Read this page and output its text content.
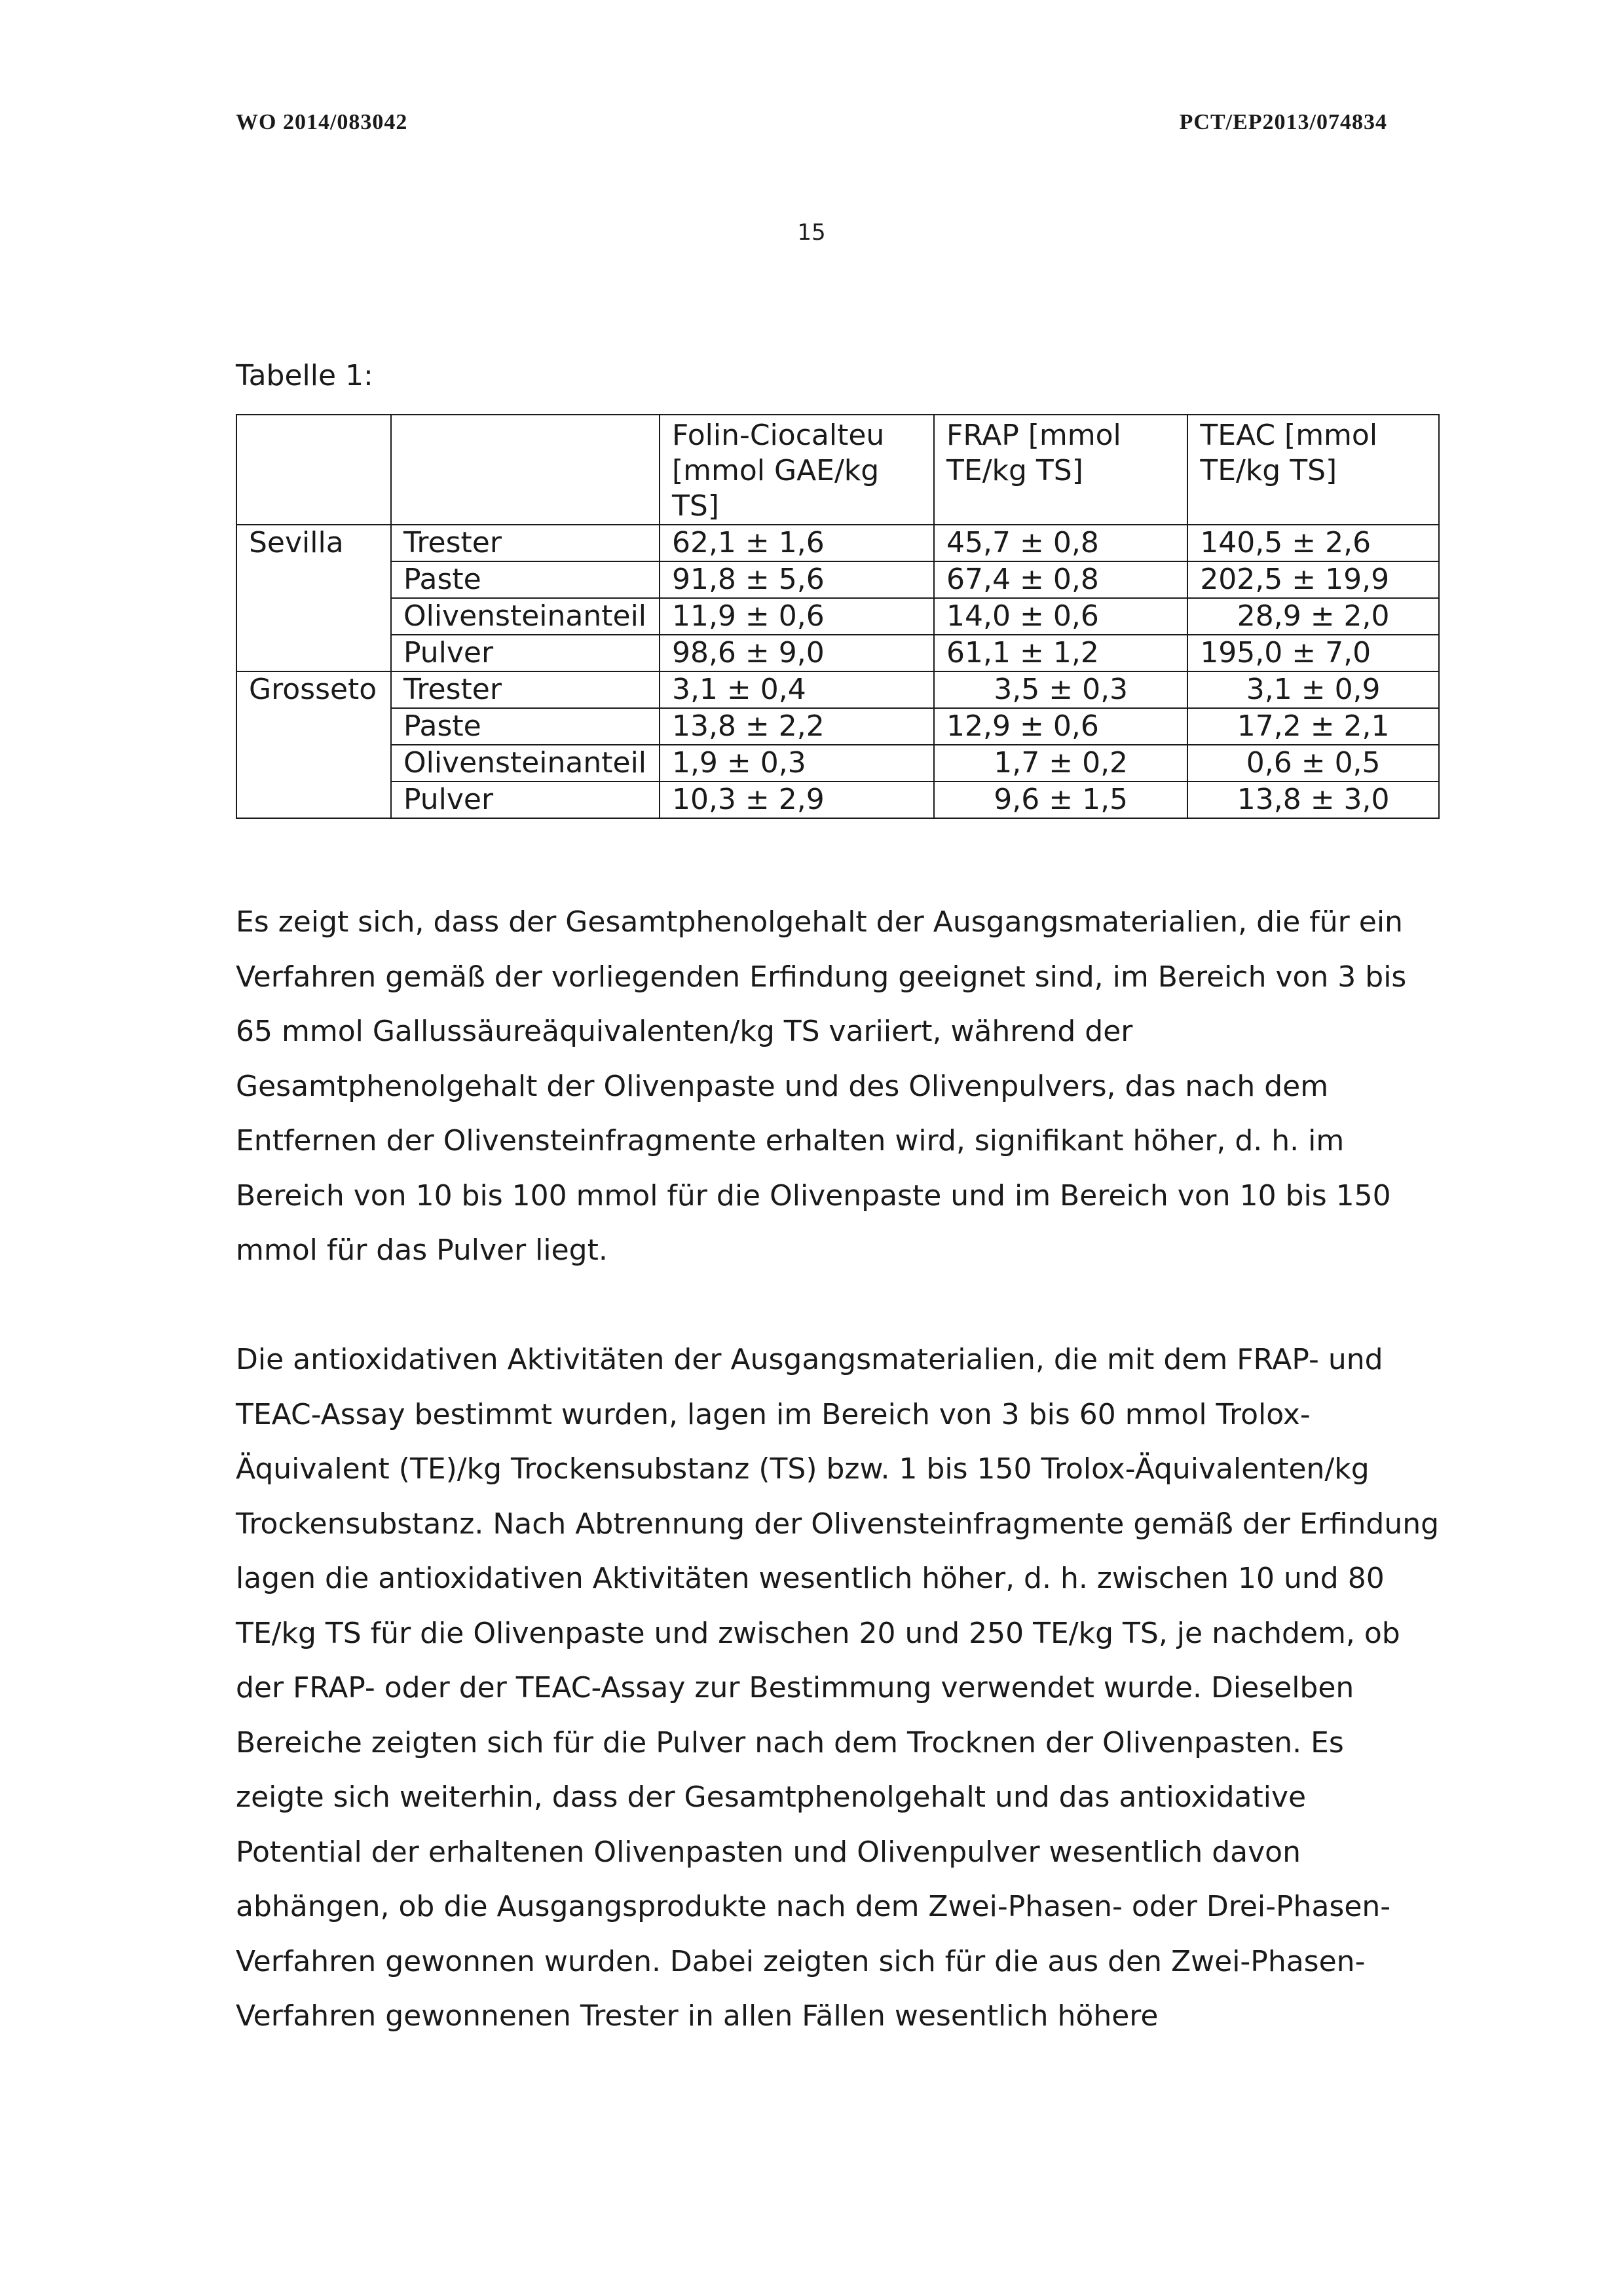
WO 2014/083042	PCT/EP2013/074834
15
Tabelle 1:
		Folin-Ciocalteu [mmol GAE/kg TS]	FRAP [mmol TE/kg TS]	TEAC [mmol TE/kg TS]
Sevilla	Trester	62,1 ± 1,6	45,7 ± 0,8	140,5 ± 2,6
	Paste	91,8 ± 5,6	67,4 ± 0,8	202,5 ± 19,9
	Olivensteinanteil	11,9 ± 0,6	14,0 ± 0,6	28,9 ± 2,0
	Pulver	98,6 ± 9,0	61,1 ± 1,2	195,0 ± 7,0
Grosseto	Trester	3,1 ± 0,4	3,5 ± 0,3	3,1 ± 0,9
	Paste	13,8 ± 2,2	12,9 ± 0,6	17,2 ± 2,1
	Olivensteinanteil	1,9 ± 0,3	1,7 ± 0,2	0,6 ± 0,5
	Pulver	10,3 ± 2,9	9,6 ± 1,5	13,8 ± 3,0

Es zeigt sich, dass der Gesamtphenolgehalt der Ausgangsmaterialien, die für ein Verfahren gemäß der vorliegenden Erfindung geeignet sind, im Bereich von 3 bis 65 mmol Gallussäureäquivalenten/kg TS variiert, während der Gesamtphenolgehalt der Olivenpaste und des Olivenpulvers, das nach dem Entfernen der Olivensteinfragmente erhalten wird, signifikant höher, d. h. im Bereich von 10 bis 100 mmol für die Olivenpaste und im Bereich von 10 bis 150 mmol für das Pulver liegt.

Die antioxidativen Aktivitäten der Ausgangsmaterialien, die mit dem FRAP- und TEAC-Assay bestimmt wurden, lagen im Bereich von 3 bis 60 mmol Trolox-Äquivalent (TE)/kg Trockensubstanz (TS) bzw. 1 bis 150 Trolox-Äquivalenten/kg Trockensubstanz. Nach Abtrennung der Olivensteinfragmente gemäß der Erfindung lagen die antioxidativen Aktivitäten wesentlich höher, d. h. zwischen 10 und 80 TE/kg TS für die Olivenpaste und zwischen 20 und 250 TE/kg TS, je nachdem, ob der FRAP- oder der TEAC-Assay zur Bestimmung verwendet wurde. Dieselben Bereiche zeigten sich für die Pulver nach dem Trocknen der Olivenpasten. Es zeigte sich weiterhin, dass der Gesamtphenolgehalt und das antioxidative Potential der erhaltenen Olivenpasten und Olivenpulver wesentlich davon abhängen, ob die Ausgangsprodukte nach dem Zwei-Phasen- oder Drei-Phasen-Verfahren gewonnen wurden. Dabei zeigten sich für die aus den Zwei-Phasen-Verfahren gewonnenen Trester in allen Fällen wesentlich höhere
